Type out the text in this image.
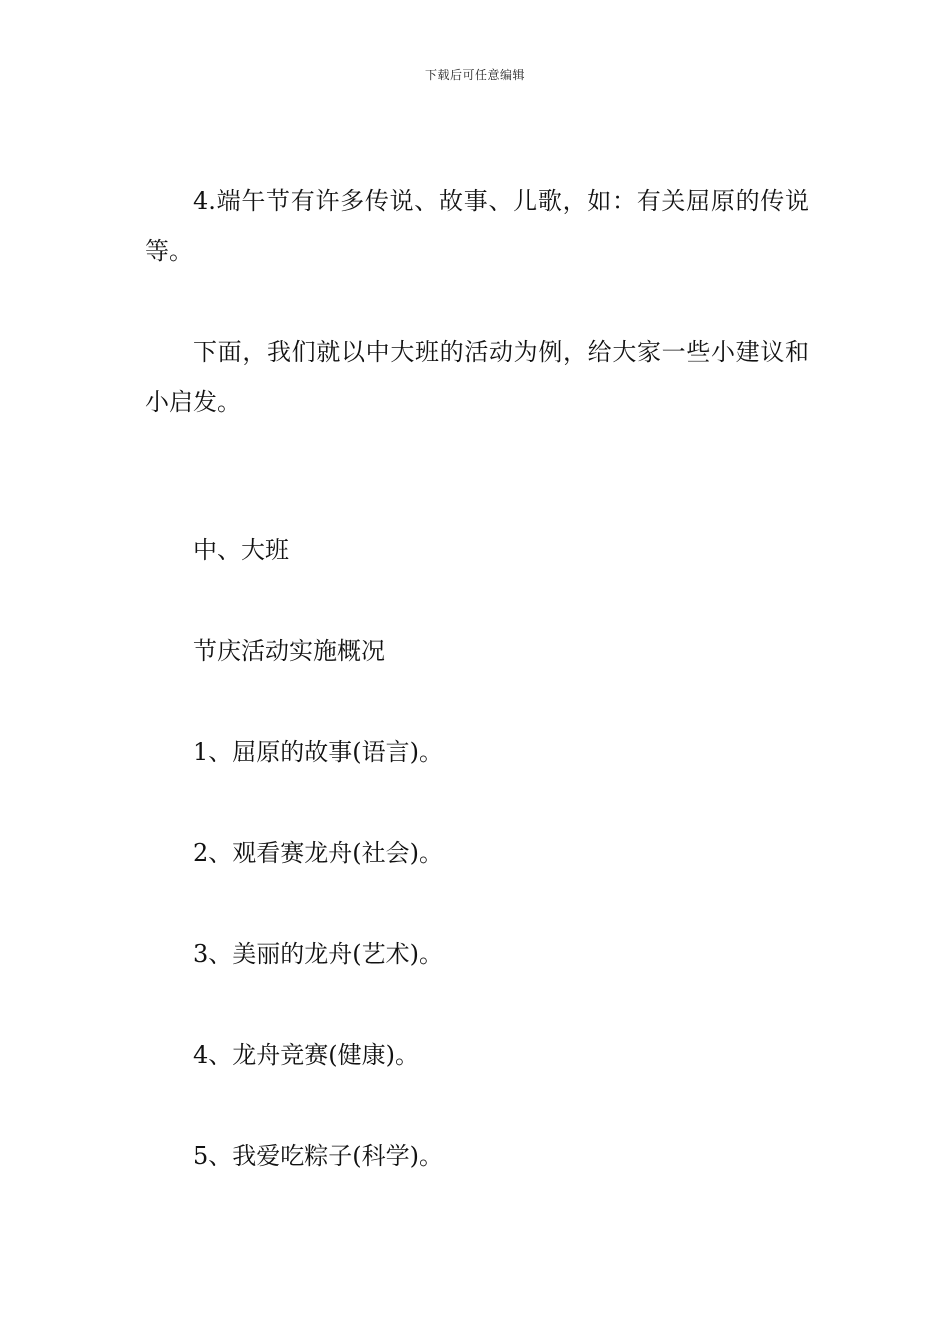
下载后可任意编辑

4.端午节有许多传说、故事、儿歌，如：有关屈原的传说等。

下面，我们就以中大班的活动为例，给大家一些小建议和小启发。

中、大班

节庆活动实施概况

1、屈原的故事(语言)。

2、观看赛龙舟(社会)。

3、美丽的龙舟(艺术)。

4、龙舟竞赛(健康)。

5、我爱吃粽子(科学)。
